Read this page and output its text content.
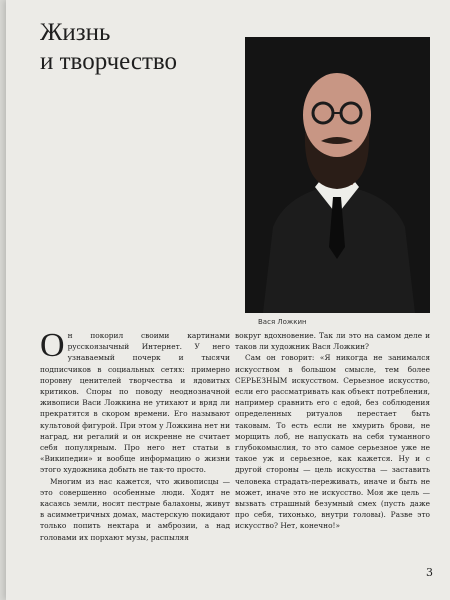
Жизнь
и творчество
Вася Ложкин

Он покорил своими картинами русскоязычный Интернет. У него узнаваемый почерк и тысячи подписчиков в социальных сетях: примерно поровну ценителей творчества и ядовитых критиков. Споры по поводу неоднозначной живописи Васи Ложкина не утихают и вряд ли прекратятся в скором времени. Его называют культовой фигурой. При этом у Ложкина нет ни наград, ни регалий и он искренне не считает себя популярным. Про него нет статьи в «Википедии» и вообще информацию о жизни этого художника добыть не так-то просто.

Многим из нас кажется, что живописцы — это совершенно особенные люди. Ходят не касаясь земли, носят пестрые балахоны, живут в асимметричных домах, мастерскую покидают только попить нектара и амброзии, а над головами их порхают музы, распыляя

вокруг вдохновение. Так ли это на самом деле и таков ли художник Вася Ложкин?

Сам он говорит: «Я никогда не занимался искусством в большом смысле, тем более СЕРЬЕЗНЫМ искусством. Серьезное искусство, если его рассматривать как объект потребления, например сравнить его с едой, без соблюдения определенных ритуалов перестает быть таковым. То есть если не хмурить брови, не морщить лоб, не напускать на себя туманного глубокомыслия, то это самое серьезное уже не такое уж и серьезное, как кажется. Ну и с другой стороны — цель искусства — заставить человека страдать-переживать, иначе и быть не может, иначе это не искусство. Моя же цель — вызвать страшный безумный смех (пусть даже про себя, тихонько, внутри головы). Разве это искусство? Нет, конечно!»

3
